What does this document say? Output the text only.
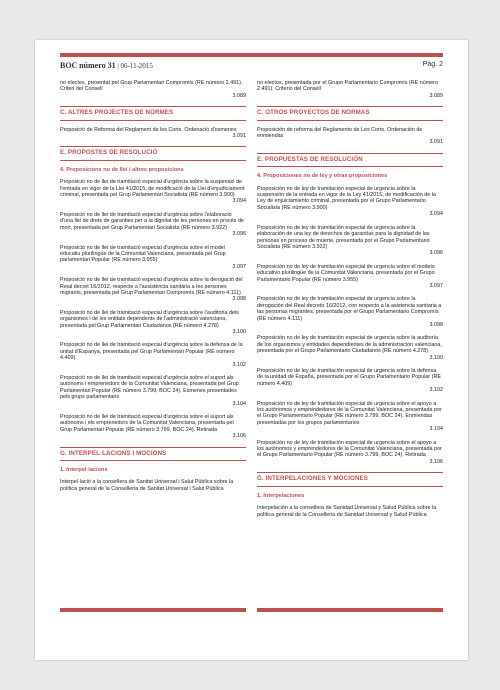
BOC número 31 | 06-11-2015	Pàg. 2
no electes, presentat pel Grup Parlamentari Compromís (RE número 2.491). Criteri del Consell
3.089
C. ALTRES PROJECTES DE NORMES
Proposició de Reforma del Reglament de les Corts. Ordenació d'esmenes
3.091
E. PROPOSTES DE RESOLUCIÓ
4. Proposicions no de llei i altres proposicions
Proposició no de llei de tramitació especial d'urgència sobre la suspensió de l'entrada en vigor de la Llei 41/2015, de modificació de la Llei d'enjudiciament criminal, presentada pel Grup Parlamentari Socialista (RE número 3.900)
3.094
Proposició no de llei de tramitació especial d'urgència sobre l'elaboració d'una llei de drets de garanties per a la dignitat de les persones en procés de mort, presentada pel Grup Parlamentari Socialista (RE número 3.922)
3.096
Proposició no de llei de tramitació especial d'urgència sobre el model educatiu plurilingüe de la Comunitat Valenciana, presentada pel Grup parlamentari Popular (RE número 3.955)
3.097
Proposició no de llei de tramitació especial d'urgència sobre la derogació del Reial decret 16/2012, respecte a l'assistència sanitària a les persones migrants, presentada pel Grup Parlamentari Compromís (RE número 4.111)
3.098
Proposició no de llei de tramitació especial d'urgència sobre l'auditoria dels organismes i de les entitats dependents de l'administració valenciana, presentada pel Grup Parlamentari Ciudadanos (RE número 4.278)
3.100
Proposició no de llei de tramitació especial d'urgència sobre la defensa de la unitat d'Espanya, presentada pel Grup Parlamentari Popular (RE número 4.409)
3.102
Proposició no de llei de tramitació especial d'urgència sobre el suport als autònoms i emprenedors de la Comunitat Valenciana, presentada pel Grup Parlamentari Popular (RE número 3.799, BOC 24). Esmenes presentades pels grups parlamentaris
3.104
Proposició no de llei de tramitació especial d'urgència sobre el suport als autònoms i els emprenedors de la Comunitat Valenciana, presentada pel Grup Parlamentari Popular (RE número 3.799, BOC 24). Retirada
3.106
G. INTERPEL·LACIONS I MOCIONS
1. Interpel·lacions
Interpel·lació a la consellera de Sanitat Universal i Salut Pública sobre la política general de la Conselleria de Sanitat Universal i Salut Pública
no electos, presentada por el Grupo Parlamentario Compromís (RE número 2.491). Criterio del Consell
3.089
C. OTROS PROYECTOS DE NORMAS
Proposición de reforma del Reglamento de Les Corts. Ordenación de enmiendas
3.091
E. PROPUESTAS DE RESOLUCIÓN
4. Proposiciones no de ley y otras proposiciones
Proposición no de ley de tramitación especial de urgencia sobre la suspensión de la entrada en vigor de la Ley 41/2015, de modificación de la Ley de enjuiciamiento criminal, presentada por el Grupo Parlamentario Socialista (RE número 3.900)
3.094
Proposición no de ley de tramitación especial de urgencia sobre la elaboración de una ley de derechos de garantías para la dignidad de las personas en proceso de muerte, presentada por el Grupo Parlamentario Socialista (RE número 3.922)
3.096
Proposición no de ley de tramitación especial de urgencia sobre el modelo educativo plurilingüe de la Comunitat Valenciana, presentada por el Grupo Parlamentario Popular (RE número 3.955)
3.097
Proposición no de ley de tramitación especial de urgencia sobre la derogación del Real decreto 16/2012, con respecto a la asistencia sanitaria a las personas migrantes, presentada por el Grupo Parlamentario Compromís (RE número 4.111)
3.098
Proposición no de ley de tramitación especial de urgencia sobre la auditoría de los organismos y entidades dependientes de la administración valenciana, presentada por el Grupo Parlamentario Ciudadanos (RE número 4.278)
3.100
Proposición no de ley de tramitación especial de urgencia sobre la defensa de la unidad de España, presentada por el Grupo Parlamentario Popular (RE número 4.409)
3.102
Proposición no de ley de tramitación especial de urgencia sobre el apoyo a los autónomos y emprendedores de la Comunitat Valenciana, presentada por el Grupo Parlamentario Popular (RE número 3.799, BOC 24). Enmiendas presentadas por los grupos parlamentarios
3.104
Proposición no de ley de tramitación especial de urgencia sobre el apoyo a los autónomos y emprendedores de la Comunitat Valenciana, presentada por el Grupo Parlamentario Popular (RE número 3.799, BOC 24). Retirada
3.106
G. INTERPELACIONES Y MOCIONES
1. Interpelaciones
Interpelación a la consellera de Sanidad Universal y Salud Pública sobre la política general de la Conselleria de Sanidad Universal y Salud Pública
